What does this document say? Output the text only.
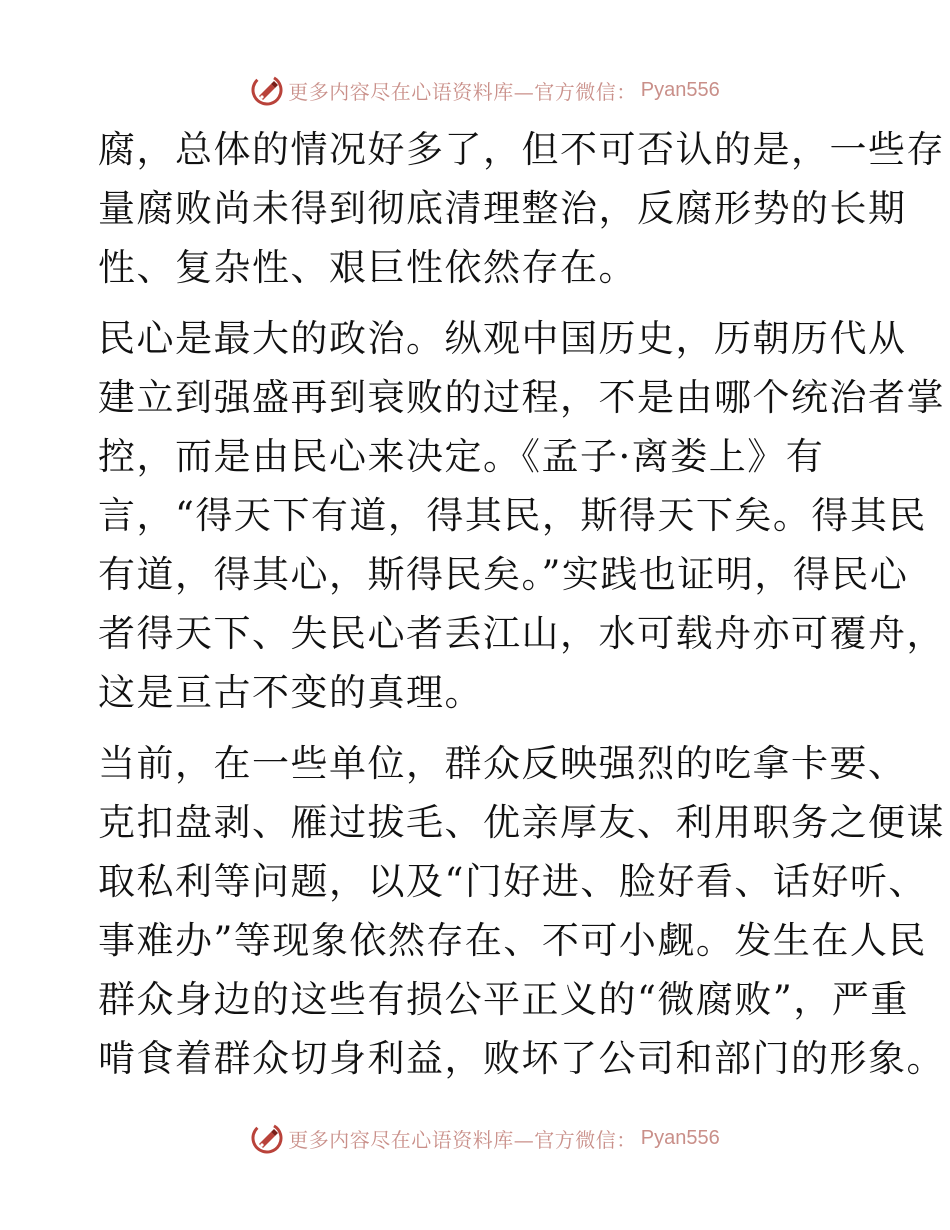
更多内容尽在心语资料库—官方微信： Pyan556
腐，总体的情况好多了，但不可否认的是，一些存
量腐败尚未得到彻底清理整治，反腐形势的长期
性、复杂性、艰巨性依然存在。
民心是最大的政治。纵观中国历史，历朝历代从
建立到强盛再到衰败的过程，不是由哪个统治者掌
控，而是由民心来决定。《孟子·离娄上》有
言，“得天下有道，得其民，斯得天下矣。得其民
有道，得其心，斯得民矣。”实践也证明，得民心
者得天下、失民心者丢江山，水可载舟亦可覆舟，
这是亘古不变的真理。
当前，在一些单位，群众反映强烈的吃拿卡要、
克扣盘剥、雁过拔毛、优亲厚友、利用职务之便谋
取私利等问题，以及“门好进、脸好看、话好听、
事难办”等现象依然存在、不可小觑。发生在人民
群众身边的这些有损公平正义的“微腐败”，严重
啃食着群众切身利益，败坏了公司和部门的形象。
更多内容尽在心语资料库—官方微信： Pyan556
